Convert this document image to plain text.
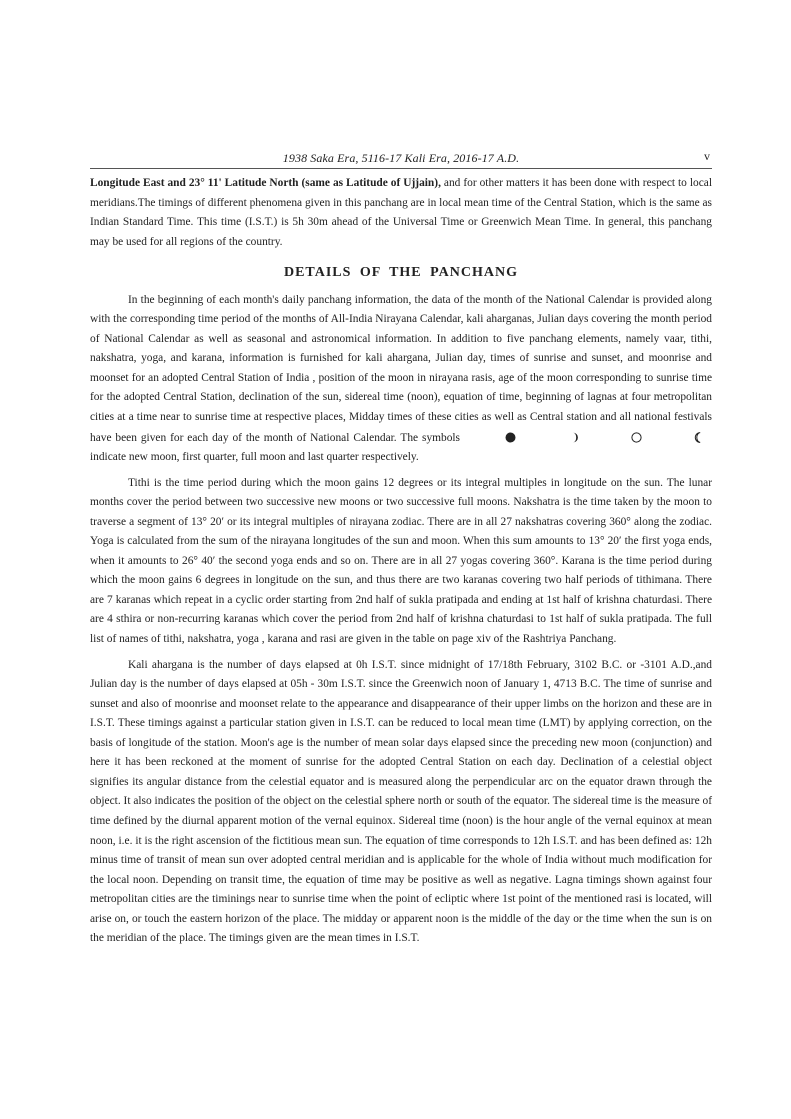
1938 Saka Era, 5116-17 Kali Era, 2016-17 A.D.	v

Longitude East and 23° 11' Latitude North (same as Latitude of Ujjain), and for other matters it has been done with respect to local meridians.The timings of different phenomena given in this panchang are in local mean time of the Central Station, which is the same as Indian Standard Time. This time (I.S.T.) is 5h 30m ahead of the Universal Time or Greenwich Mean Time. In general, this panchang may be used for all regions of the country.

DETAILS OF THE PANCHANG

In the beginning of each month's daily panchang information, the data of the month of the National Calendar is provided along with the corresponding time period of the months of All-India Nirayana Calendar, kali aharganas, Julian days covering the month period of National Calendar as well as seasonal and astronomical information. In addition to five panchang elements, namely vaar, tithi, nakshatra, yoga, and karana, information is furnished for kali ahargana, Julian day, times of sunrise and sunset, and moonrise and moonset for an adopted Central Station of India , position of the moon in nirayana rasis, age of the moon corresponding to sunrise time for the adopted Central Station, declination of the sun, sidereal time (noon), equation of time, beginning of lagnas at four metropolitan cities at a time near to sunrise time at respective places, Midday times of these cities as well as Central station and all national festivals have been given for each day of the month of National Calendar. The symbolsindicate new moon, first quarter, full moon and last quarter respectively.

Tithi is the time period during which the moon gains 12 degrees or its integral multiples in longitude on the sun. The lunar months cover the period between two successive new moons or two successive full moons. Nakshatra is the time taken by the moon to traverse a segment of 13° 20′ or its integral multiples of nirayana zodiac. There are in all 27 nakshatras covering 360° along the zodiac. Yoga is calculated from the sum of the nirayana longitudes of the sun and moon. When this sum amounts to 13° 20′ the first yoga ends, when it amounts to 26° 40′ the second yoga ends and so on. There are in all 27 yogas covering 360°. Karana is the time period during which the moon gains 6 degrees in longitude on the sun, and thus there are two karanas covering two half periods of tithimana. There are 7 karanas which repeat in a cyclic order starting from 2nd half of sukla pratipada and ending at 1st half of krishna chaturdasi. There are 4 sthira or non-recurring karanas which cover the period from 2nd half of krishna chaturdasi to 1st half of sukla pratipada. The full list of names of tithi, nakshatra, yoga , karana and rasi are given in the table on page xiv of the Rashtriya Panchang.

Kali ahargana is the number of days elapsed at 0h I.S.T. since midnight of 17/18th February, 3102 B.C. or -3101 A.D.,and Julian day is the number of days elapsed at 05h - 30m I.S.T. since the Greenwich noon of January 1, 4713 B.C. The time of sunrise and sunset and also of moonrise and moonset relate to the appearance and disappearance of their upper limbs on the horizon and these are in I.S.T. These timings against a particular station given in I.S.T. can be reduced to local mean time (LMT) by applying correction, on the basis of longitude of the station. Moon's age is the number of mean solar days elapsed since the preceding new moon (conjunction) and here it has been reckoned at the moment of sunrise for the adopted Central Station on each day. Declination of a celestial object signifies its angular distance from the celestial equator and is measured along the perpendicular arc on the equator drawn through the object. It also indicates the position of the object on the celestial sphere north or south of the equator. The sidereal time is the measure of time defined by the diurnal apparent motion of the vernal equinox. Sidereal time (noon) is the hour angle of the vernal equinox at mean noon, i.e. it is the right ascension of the fictitious mean sun. The equation of time corresponds to 12h I.S.T. and has been defined as: 12h minus time of transit of mean sun over adopted central meridian and is applicable for the whole of India without much modification for the local noon. Depending on transit time, the equation of time may be positive as well as negative. Lagna timings shown against four metropolitan cities are the timinings near to sunrise time when the point of ecliptic where 1st point of the mentioned rasi is located, will arise on, or touch the eastern horizon of the place. The midday or apparent noon is the middle of the day or the time when the sun is on the meridian of the place. The timings given are the mean times in I.S.T.
